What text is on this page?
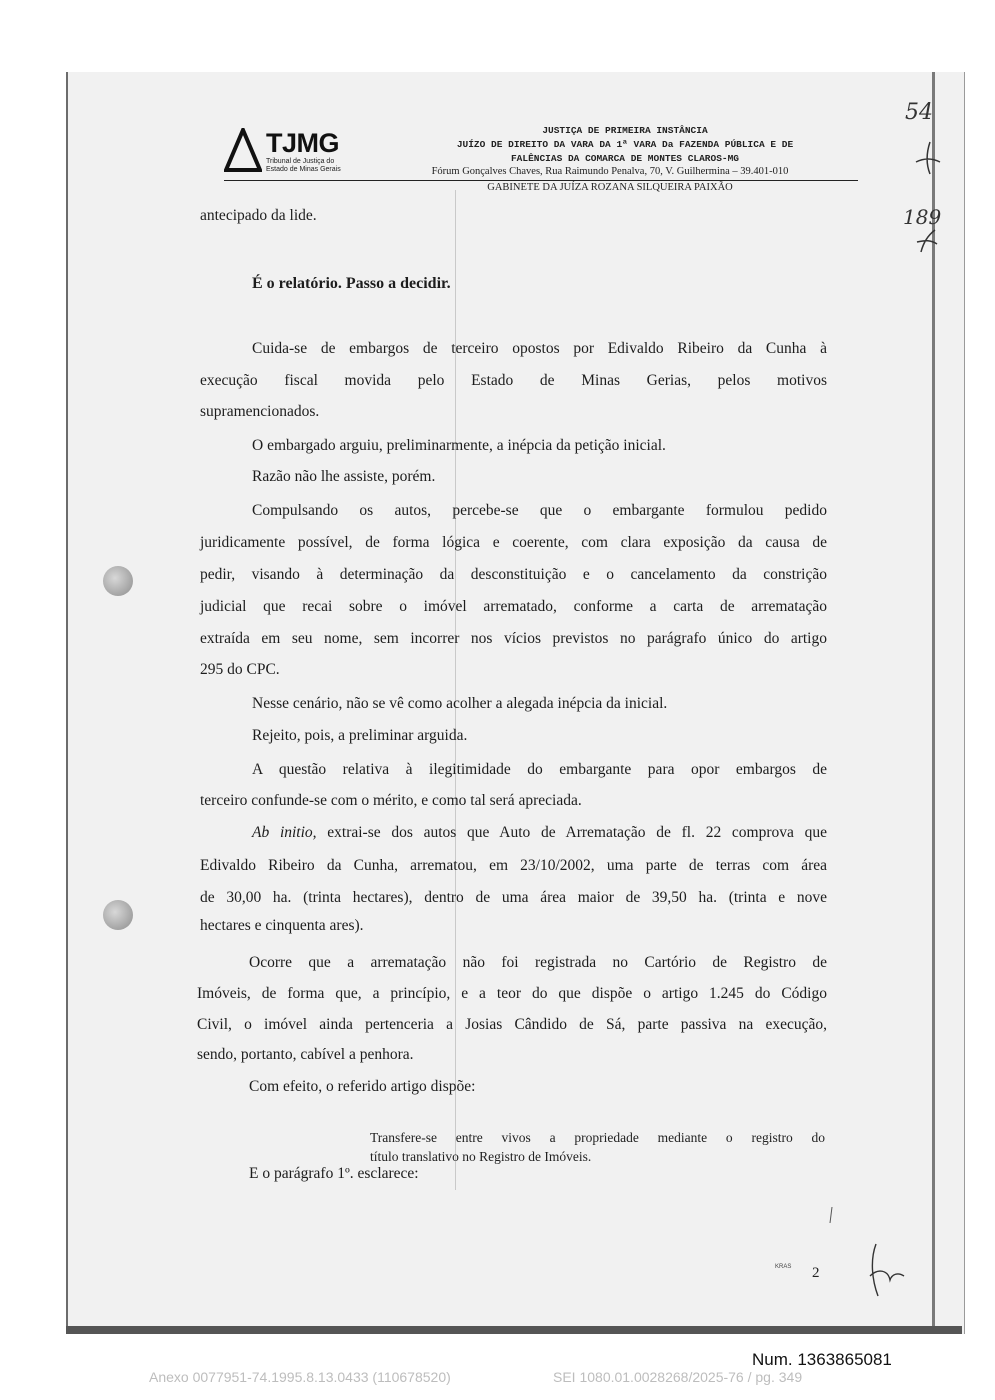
TJMG
Tribunal de Justiça do
Estado de Minas Gerais
JUSTIÇA DE PRIMEIRA INSTÂNCIA
JUÍZO DE DIREITO DA VARA DA 1ª VARA Da FAZENDA PÚBLICA E DE
FALÊNCIAS DA COMARCA DE MONTES CLAROS-MG
Fórum Gonçalves Chaves, Rua Raimundo Penalva, 70, V. Guilhermina – 39.401-010
GABINETE DA JUÍZA ROZANA SILQUEIRA PAIXÃO
antecipado da lide.
É o relatório. Passo a decidir.
Cuida-se de embargos de terceiro opostos por Edivaldo Ribeiro da Cunha à
execução fiscal movida pelo Estado de Minas Gerias, pelos motivos
supramencionados.
O embargado arguiu, preliminarmente, a inépcia da petição inicial.
Razão não lhe assiste, porém.
Compulsando os autos, percebe-se que o embargante formulou pedido
juridicamente possível, de forma lógica e coerente, com clara exposição da causa de
pedir, visando à determinação da desconstituição e o cancelamento da constrição
judicial que recai sobre o imóvel arrematado, conforme a carta de arrematação
extraída em seu nome, sem incorrer nos vícios previstos no parágrafo único do artigo
295 do CPC.
Nesse cenário, não se vê como acolher a alegada inépcia da inicial.
Rejeito, pois, a preliminar arguida.
A questão relativa à ilegitimidade do embargante para opor embargos de
terceiro confunde-se com o mérito, e como tal será apreciada.
Ab initio, extrai-se dos autos que Auto de Arrematação de fl. 22 comprova que
Edivaldo Ribeiro da Cunha, arrematou, em 23/10/2002, uma parte de terras com área
de 30,00 ha. (trinta hectares), dentro de uma área maior de 39,50 ha. (trinta e nove
hectares e cinquenta ares).
Ocorre que a arrematação não foi registrada no Cartório de Registro de
Imóveis, de forma que, a princípio, e a teor do que dispõe o artigo 1.245 do Código
Civil, o imóvel ainda pertenceria a Josias Cândido de Sá, parte passiva na execução,
sendo, portanto, cabível a penhora.
Com efeito, o referido artigo dispõe:
Transfere-se entre vivos a propriedade mediante o registro do
título translativo no Registro de Imóveis.
E o parágrafo 1º. esclarece:
KRAS 2
54
189
Num. 1363865081
Anexo 0077951-74.1995.8.13.0433 (110678520)	SEI 1080.01.0028268/2025-76 / pg. 349
